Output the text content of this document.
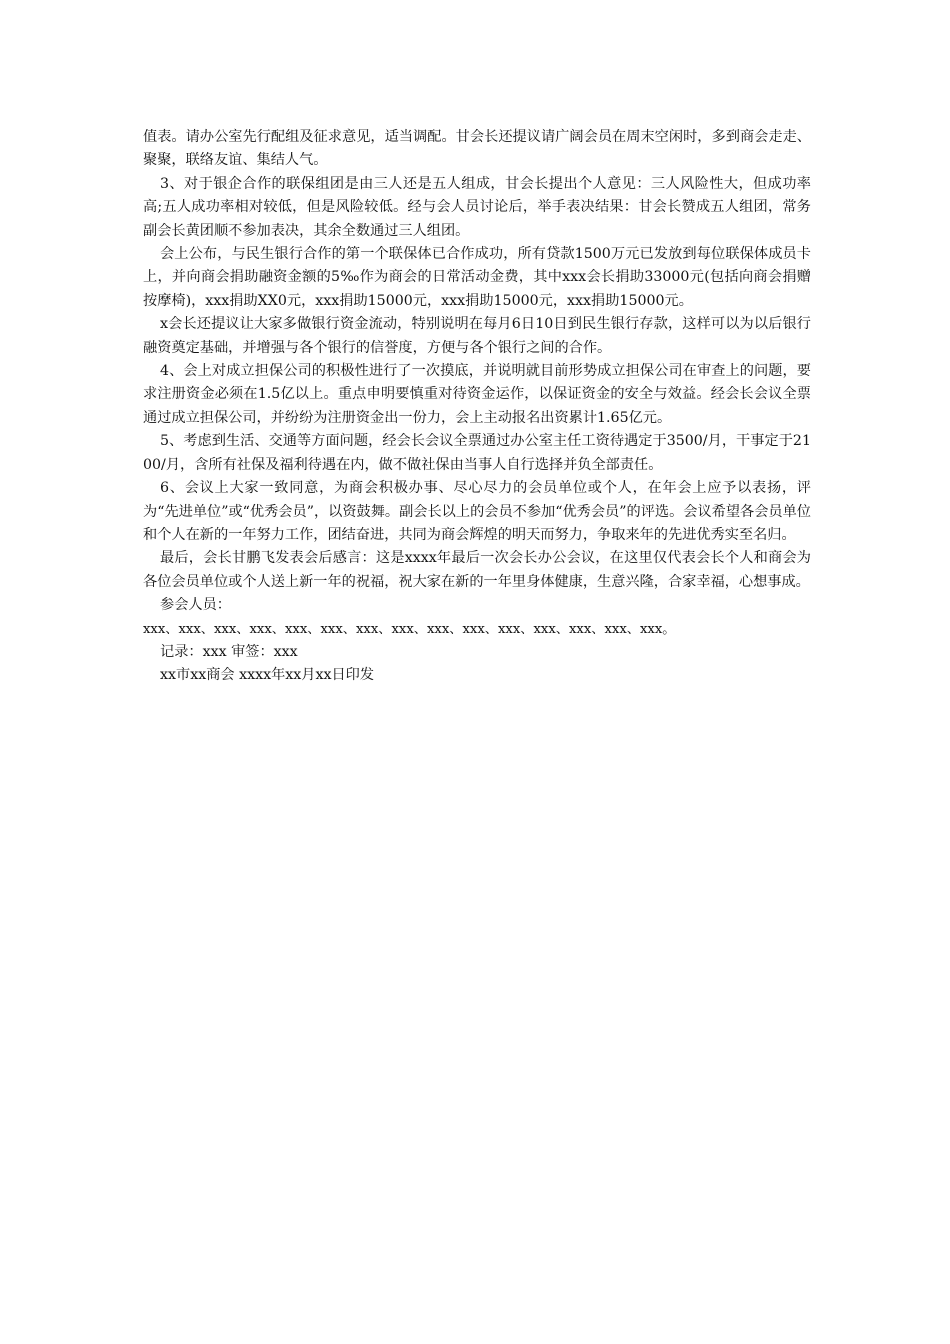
值表。请办公室先行配组及征求意见，适当调配。甘会长还提议请广阔会员在周末空闲时，多到商会走走、聚聚，联络友谊、集结人气。

3、对于银企合作的联保组团是由三人还是五人组成，甘会长提出个人意见：三人风险性大，但成功率高;五人成功率相对较低，但是风险较低。经与会人员讨论后，举手表决结果：甘会长赞成五人组团，常务副会长黄团顺不参加表决，其余全数通过三人组团。

会上公布，与民生银行合作的第一个联保体已合作成功，所有贷款1500万元已发放到每位联保体成员卡上，并向商会捐助融资金额的5‰作为商会的日常活动金费，其中xxx会长捐助33000元(包括向商会捐赠按摩椅)，xxx捐助XX0元，xxx捐助15000元，xxx捐助15000元，xxx捐助15000元。

x会长还提议让大家多做银行资金流动，特别说明在每月6日10日到民生银行存款，这样可以为以后银行融资奠定基础，并增强与各个银行的信誉度，方便与各个银行之间的合作。

4、会上对成立担保公司的积极性进行了一次摸底，并说明就目前形势成立担保公司在审查上的问题，要求注册资金必须在1.5亿以上。重点申明要慎重对待资金运作，以保证资金的安全与效益。经会长会议全票通过成立担保公司，并纷纷为注册资金出一份力，会上主动报名出资累计1.65亿元。

5、考虑到生活、交通等方面问题，经会长会议全票通过办公室主任工资待遇定于3500/月，干事定于2100/月，含所有社保及福利待遇在内，做不做社保由当事人自行选择并负全部责任。

6、会议上大家一致同意，为商会积极办事、尽心尽力的会员单位或个人，在年会上应予以表扬，评为“先进单位”或“优秀会员”，以资鼓舞。副会长以上的会员不参加“优秀会员”的评选。会议希望各会员单位和个人在新的一年努力工作，团结奋进，共同为商会辉煌的明天而努力，争取来年的先进优秀实至名归。

最后，会长甘鹏飞发表会后感言：这是xxxx年最后一次会长办公会议，在这里仅代表会长个人和商会为各位会员单位或个人送上新一年的祝福，祝大家在新的一年里身体健康，生意兴隆，合家幸福，心想事成。

参会人员：

xxx、xxx、xxx、xxx、xxx、xxx、xxx、xxx、xxx、xxx、xxx、xxx、xxx、xxx、xxx。

记录：xxx 审签：xxx

xx市xx商会 xxxx年xx月xx日印发
